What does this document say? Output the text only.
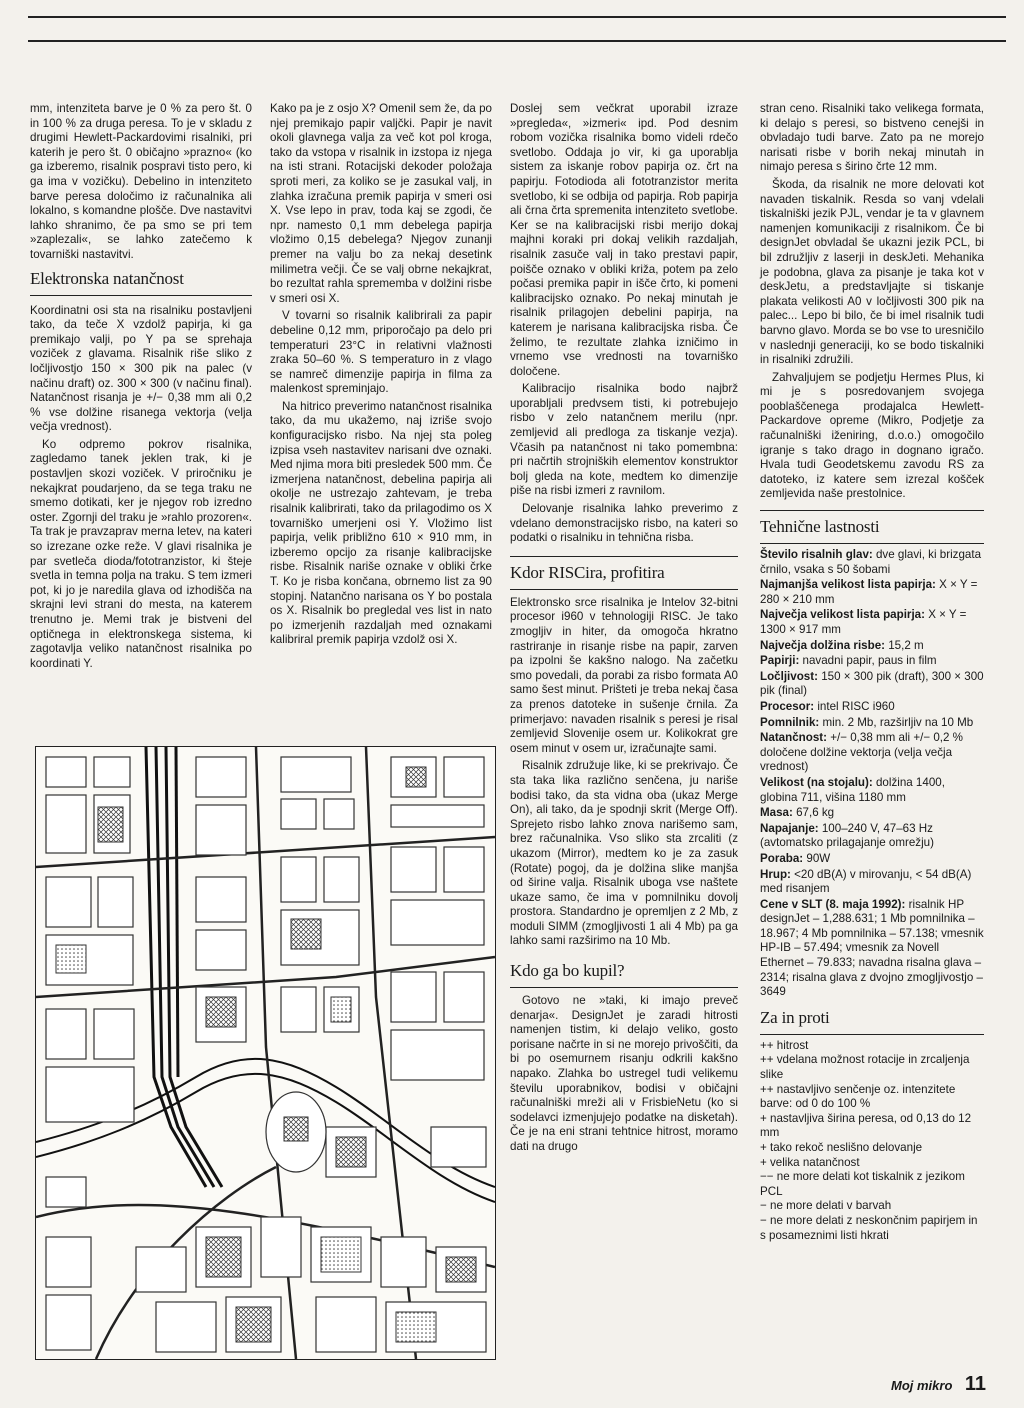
mm, intenziteta barve je 0 % za pero št. 0 in 100 % za druga peresa. To je v skladu z drugimi Hewlett-Packardovimi risalniki, pri katerih je pero št. 0 običajno »prazno« (ko ga izberemo, risalnik pospravi tisto pero, ki ga ima v vozičku). Debelino in intenziteto barve peresa določimo iz računalnika ali lokalno, s komandne plošče. Dve nastavitvi lahko shranimo, če pa smo se pri tem »zaplezali«, se lahko zatečemo k tovarniški nastavitvi.

Elektronska natančnost

Koordinatni osi sta na risalniku postavljeni tako, da teče X vzdolž papirja, ki ga premikajo valji, po Y pa se sprehaja voziček z glavama. Risalnik riše sliko z ločljivostjo 150 × 300 pik na palec (v načinu draft) oz. 300 × 300 (v načinu final). Natančnost risanja je +/− 0,38 mm ali 0,2 % vse dolžine risanega vektorja (velja večja vrednost).

Ko odpremo pokrov risalnika, zagledamo tanek jeklen trak, ki je postavljen skozi voziček. V priročniku je nekajkrat poudarjeno, da se tega traku ne smemo dotikati, ker je njegov rob izredno oster. Zgornji del traku je »rahlo prozoren«. Ta trak je pravzaprav merna letev, na kateri so izrezane ozke reže. V glavi risalnika je par svetleča dioda/fototranzistor, ki šteje svetla in temna polja na traku. S tem izmeri pot, ki jo je naredila glava od izhodišča na skrajni levi strani do mesta, na katerem trenutno je. Memi trak je bistveni del optičnega in elektronskega sistema, ki zagotavlja veliko natančnost risalnika po koordinati Y.

Kako pa je z osjo X? Omenil sem že, da po njej premikajo papir valjčki. Papir je navit okoli glavnega valja za več kot pol kroga, tako da vstopa v risalnik in izstopa iz njega na isti strani. Rotacijski dekoder položaja sproti meri, za koliko se je zasukal valj, in zlahka izračuna premik papirja v smeri osi X. Vse lepo in prav, toda kaj se zgodi, če npr. namesto 0,1 mm debelega papirja vložimo 0,15 debelega? Njegov zunanji premer na valju bo za nekaj desetink milimetra večji. Če se valj obrne nekajkrat, bo rezultat rahla sprememba v dolžini risbe v smeri osi X.

V tovarni so risalnik kalibrirali za papir debeline 0,12 mm, priporočajo pa delo pri temperaturi 23°C in relativni vlažnosti zraka 50–60 %. S temperaturo in z vlago se namreč dimenzije papirja in filma za malenkost spreminjajo.

Na hitrico preverimo natančnost risalnika tako, da mu ukažemo, naj izriše svojo konfiguracijsko risbo. Na njej sta poleg izpisa vseh nastavitev narisani dve oznaki. Med njima mora biti presledek 500 mm. Če izmerjena natančnost, debelina papirja ali okolje ne ustrezajo zahtevam, je treba risalnik kalibrirati, tako da prilagodimo os X tovarniško umerjeni osi Y. Vložimo list papirja, velik približno 610 × 910 mm, in izberemo opcijo za risanje kalibracijske risbe. Risalnik nariše oznake v obliki črke T. Ko je risba končana, obrnemo list za 90 stopinj. Natančno narisana os Y bo postala os X. Risalnik bo pregledal ves list in nato po izmerjenih razdaljah med oznakami kalibriral premik papirja vzdolž osi X.

Doslej sem večkrat uporabil izraze »pregleda«, »izmeri« ipd. Pod desnim robom vozička risalnika bomo videli rdečo svetlobo. Oddaja jo vir, ki ga uporablja sistem za iskanje robov papirja oz. črt na papirju. Fotodioda ali fototranzistor merita svetlobo, ki se odbija od papirja. Rob papirja ali črna črta spremenita intenziteto svetlobe. Ker se na kalibracijski risbi merijo dokaj majhni koraki pri dokaj velikih razdaljah, risalnik zasuče valj in tako prestavi papir, poišče oznako v obliki križa, potem pa zelo počasi premika papir in išče črto, ki pomeni kalibracijsko oznako. Po nekaj minutah je risalnik prilagojen debelini papirja, na katerem je narisana kalibracijska risba. Če želimo, te rezultate zlahka izničimo in vrnemo vse vrednosti na tovarniško določene.

Kalibracijo risalnika bodo najbrž uporabljali predvsem tisti, ki potrebujejo risbo v zelo natančnem merilu (npr. zemljevid ali predloga za tiskanje vezja). Včasih pa natančnost ni tako pomembna: pri načrtih strojniških elementov konstruktor bolj gleda na kote, medtem ko dimenzije piše na risbi izmeri z ravnilom.

Delovanje risalnika lahko preverimo z vdelano demonstracijsko risbo, na kateri so podatki o risalniku in tehnična risba.

Kdor RISCira, profitira

Elektronsko srce risalnika je Intelov 32-bitni procesor i960 v tehnologiji RISC. Je tako zmogljiv in hiter, da omogoča hkratno rastriranje in risanje risbe na papir, zarven pa izpolni še kakšno nalogo. Na začetku smo povedali, da porabi za risbo formata A0 samo šest minut. Prišteti je treba nekaj časa za prenos datoteke in sušenje črnila. Za primerjavo: navaden risalnik s peresi je risal zemljevid Slovenije osem ur. Kolikokrat gre osem minut v osem ur, izračunajte sami.

Risalnik združuje like, ki se prekrivajo. Če sta taka lika različno senčena, ju nariše bodisi tako, da sta vidna oba (ukaz Merge On), ali tako, da je spodnji skrit (Merge Off). Sprejeto risbo lahko znova narišemo sam, brez računalnika. Vso sliko sta zrcaliti (z ukazom (Mirror), medtem ko je za zasuk (Rotate) pogoj, da je dolžina slike manjša od širine valja. Risalnik uboga vse naštete ukaze samo, če ima v pomnilniku dovolj prostora. Standardno je opremljen z 2 Mb, z moduli SIMM (zmogljivosti 1 ali 4 Mb) pa ga lahko sami razširimo na 10 Mb.

Kdo ga bo kupil?

Gotovo ne »taki, ki imajo preveč denarja«. DesignJet je zaradi hitrosti namenjen tistim, ki delajo veliko, gosto porisane načrte in si ne morejo privoščiti, da bi po osemurnem risanju odkrili kakšno napako. Zlahka bo ustregel tudi velikemu številu uporabnikov, bodisi v običajni računalniški mreži ali v FrisbieNetu (ko si sodelavci izmenjujejo podatke na disketah). Če je na eni strani tehtnice hitrost, moramo dati na drugo

stran ceno. Risalniki tako velikega formata, ki delajo s peresi, so bistveno cenejši in obvladajo tudi barve. Zato pa ne morejo narisati risbe v borih nekaj minutah in nimajo peresa s širino črte 12 mm.

Škoda, da risalnik ne more delovati kot navaden tiskalnik. Resda so vanj vdelali tiskalniški jezik PJL, vendar je ta v glavnem namenjen komunikaciji z risalnikom. Če bi designJet obvladal še ukazni jezik PCL, bi bil združljiv z laserji in deskJeti. Mehanika je podobna, glava za pisanje je taka kot v deskJetu, a predstavljajte si tiskanje plakata velikosti A0 v ločljivosti 300 pik na palec... Lepo bi bilo, če bi imel risalnik tudi barvno glavo. Morda se bo vse to uresničilo v naslednji generaciji, ko se bodo tiskalniki in risalniki združili.

Zahvaljujem se podjetju Hermes Plus, ki mi je s posredovanjem svojega pooblaščenega prodajalca Hewlett-Packardove opreme (Mikro, Podjetje za računalniški iženiring, d.o.o.) omogočilo igranje s tako drago in dognano igračo. Hvala tudi Geodetskemu zavodu RS za datoteko, iz katere sem izrezal košček zemljevida naše prestolnice.

Tehnične lastnosti

Število risalnih glav: dve glavi, ki brizgata črnilo, vsaka s 50 šobami

Najmanjša velikost lista papirja: X × Y = 280 × 210 mm

Največja velikost lista papirja: X × Y = 1300 × 917 mm

Največja dolžina risbe: 15,2 m

Papirji: navadni papir, paus in film

Ločljivost: 150 × 300 pik (draft), 300 × 300 pik (final)

Procesor: intel RISC i960

Pomnilnik: min. 2 Mb, razširljiv na 10 Mb

Natančnost: +/− 0,38 mm ali +/− 0,2 % določene dolžine vektorja (velja večja vrednost)

Velikost (na stojalu): dolžina 1400, globina 711, višina 1180 mm

Masa: 67,6 kg

Napajanje: 100–240 V, 47–63 Hz (avtomatsko prilagajanje omrežju)

Poraba: 90W

Hrup: <20 dB(A) v mirovanju, < 54 dB(A) med risanjem

Cene v SLT (8. maja 1992): risalnik HP designJet – 1,288.631; 1 Mb pomnilnika – 18.967; 4 Mb pomnilnika – 57.138; vmesnik HP-IB – 57.494; vmesnik za Novell Ethernet – 79.833; navadna risalna glava – 2314; risalna glava z dvojno zmogljivostjo – 3649

Za in proti

++ hitrost

++ vdelana možnost rotacije in zrcaljenja slike

++ nastavljivo senčenje oz. intenzitete barve: od 0 do 100 %

+ nastavljiva širina peresa, od 0,13 do 12 mm

+ tako rekoč neslišno delovanje

+ velika natančnost

−− ne more delati kot tiskalnik z jezikom PCL

− ne more delati v barvah

− ne more delati z neskončnim papirjem in s posameznimi listi hkrati

Moj mikro 11
